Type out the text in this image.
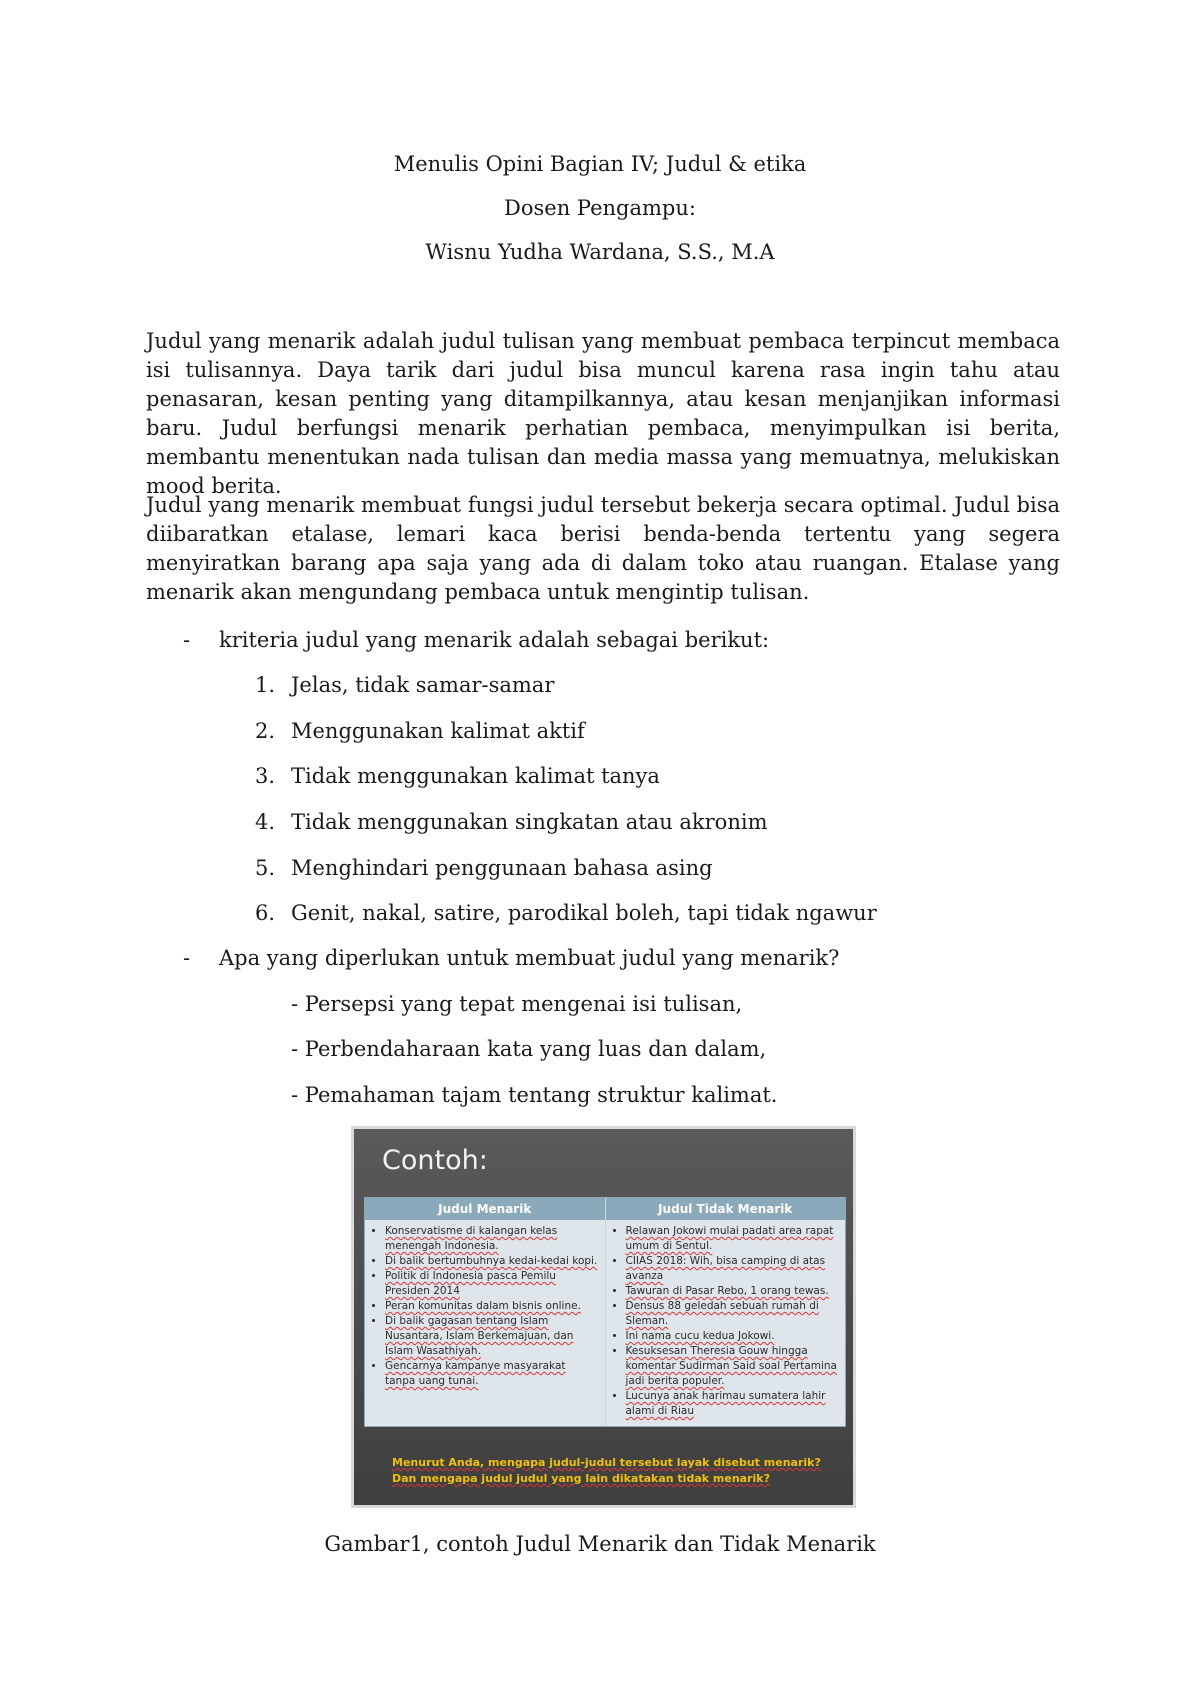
Menulis Opini Bagian IV; Judul & etika
Dosen Pengampu:
Wisnu Yudha Wardana, S.S., M.A

Judul yang menarik adalah judul tulisan yang membuat pembaca terpincut membaca isi tulisannya. Daya tarik dari judul bisa muncul karena rasa ingin tahu atau penasaran, kesan penting yang ditampilkannya, atau kesan menjanjikan informasi baru. Judul berfungsi menarik perhatian pembaca, menyimpulkan isi berita, membantu menentukan nada tulisan dan media massa yang memuatnya, melukiskan mood berita.

Judul yang menarik membuat fungsi judul tersebut bekerja secara optimal. Judul bisa diibaratkan etalase, lemari kaca berisi benda-benda tertentu yang segera menyiratkan barang apa saja yang ada di dalam toko atau ruangan. Etalase yang menarik akan mengundang pembaca untuk mengintip tulisan.

- kriteria judul yang menarik adalah sebagai berikut:
1. Jelas, tidak samar-samar
2. Menggunakan kalimat aktif
3. Tidak menggunakan kalimat tanya
4. Tidak menggunakan singkatan atau akronim
5. Menghindari penggunaan bahasa asing
6. Genit, nakal, satire, parodikal boleh, tapi tidak ngawur
- Apa yang diperlukan untuk membuat judul yang menarik?
- Persepsi yang tepat mengenai isi tulisan,
- Perbendaharaan kata yang luas dan dalam,
- Pemahaman tajam tentang struktur kalimat.
Contoh:
Judul Menarik	Judul Tidak Menarik
• Konservatisme di kalangan kelas menengah Indonesia.
• Di balik bertumbuhnya kedai-kedai kopi.
• Politik di Indonesia pasca Pemilu Presiden 2014
• Peran komunitas dalam bisnis online.
• Di balik gagasan tentang Islam Nusantara, Islam Berkemajuan, dan Islam Wasathiyah.
• Gencarnya kampanye masyarakat tanpa uang tunai.
• Relawan Jokowi mulai padati area rapat umum di Sentul.
• CIIAS 2018: Wih, bisa camping di atas avanza
• Tawuran di Pasar Rebo, 1 orang tewas.
• Densus 88 geledah sebuah rumah di Sleman.
• Ini nama cucu kedua Jokowi.
• Kesuksesan Theresia Gouw hingga komentar Sudirman Said soal Pertamina jadi berita populer.
• Lucunya anak harimau sumatera lahir alami di Riau
Menurut Anda, mengapa judul-judul tersebut layak disebut menarik? Dan mengapa judul judul yang lain dikatakan tidak menarik?
Gambar1, contoh Judul Menarik dan Tidak Menarik
